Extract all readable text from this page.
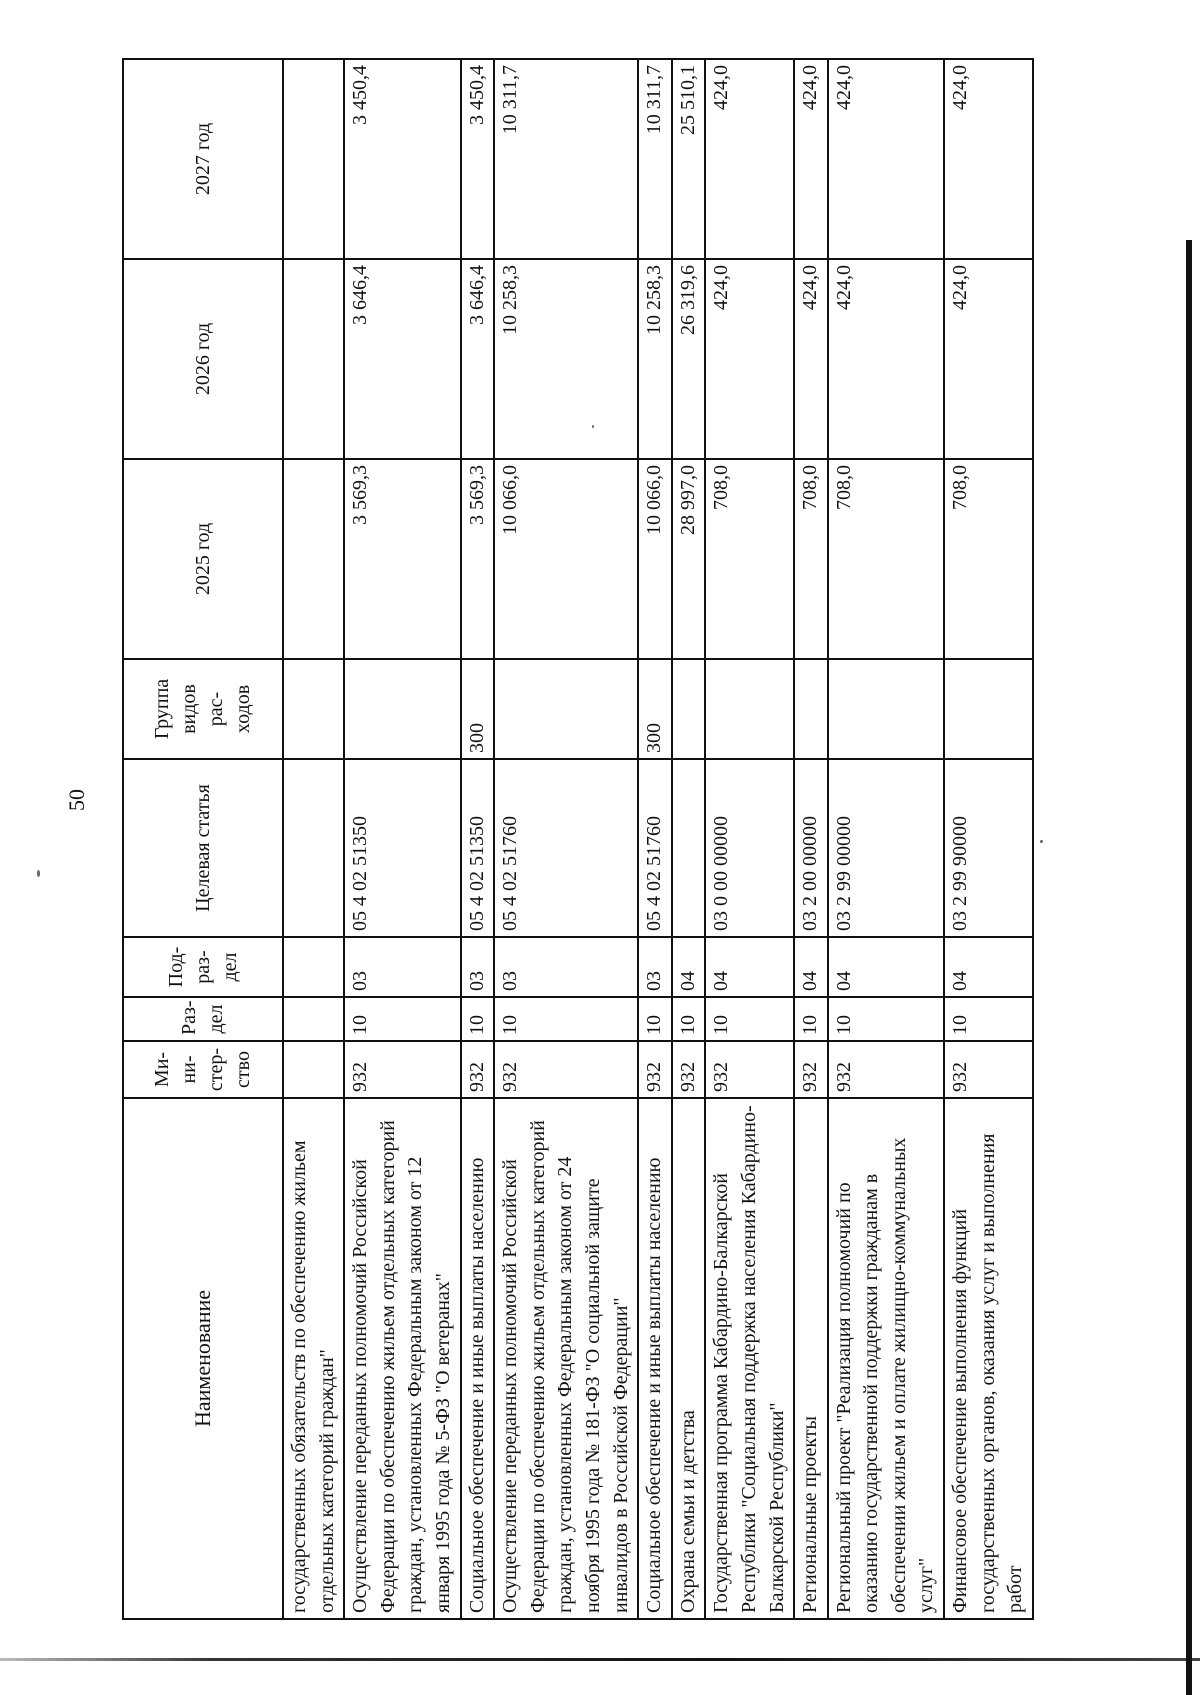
50
Наименование	Ми-
ни-
стер-
ство	Раз-
дел	Под-
раз-
дел	Целевая статья	Группа
видов
рас-
ходов	2025 год	2026 год	2027 год
государственных обязательств по обеспечению жильем отдельных категорий граждан"								
Осуществление переданных полномочий Российской Федерации по обеспечению жильем отдельных категорий граждан, установленных Федеральным законом от 12 января 1995 года № 5-ФЗ "О ветеранах"	932	10	03	05 4 02 51350		3 569,3	3 646,4	3 450,4
Социальное обеспечение и иные выплаты населению	932	10	03	05 4 02 51350	300	3 569,3	3 646,4	3 450,4
Осуществление переданных полномочий Российской Федерации по обеспечению жильем отдельных категорий граждан, установленных Федеральным законом от 24 ноября 1995 года № 181-ФЗ "О социальной защите инвалидов в Российской Федерации"	932	10	03	05 4 02 51760		10 066,0	10 258,3	10 311,7
Социальное обеспечение и иные выплаты населению	932	10	03	05 4 02 51760	300	10 066,0	10 258,3	10 311,7
Охрана семьи и детства	932	10	04			28 997,0	26 319,6	25 510,1
Государственная программа Кабардино-Балкарской Республики "Социальная поддержка населения Кабардино-Балкарской Республики"	932	10	04	03 0 00 00000		708,0	424,0	424,0
Региональные проекты	932	10	04	03 2 00 00000		708,0	424,0	424,0
Региональный проект "Реализация полномочий по оказанию государственной поддержки гражданам в обеспечении жильем и оплате жилищно-коммунальных услуг"	932	10	04	03 2 99 00000		708,0	424,0	424,0
Финансовое обеспечение выполнения функций государственных органов, оказания услуг и выполнения работ	932	10	04	03 2 99 90000		708,0	424,0	424,0
